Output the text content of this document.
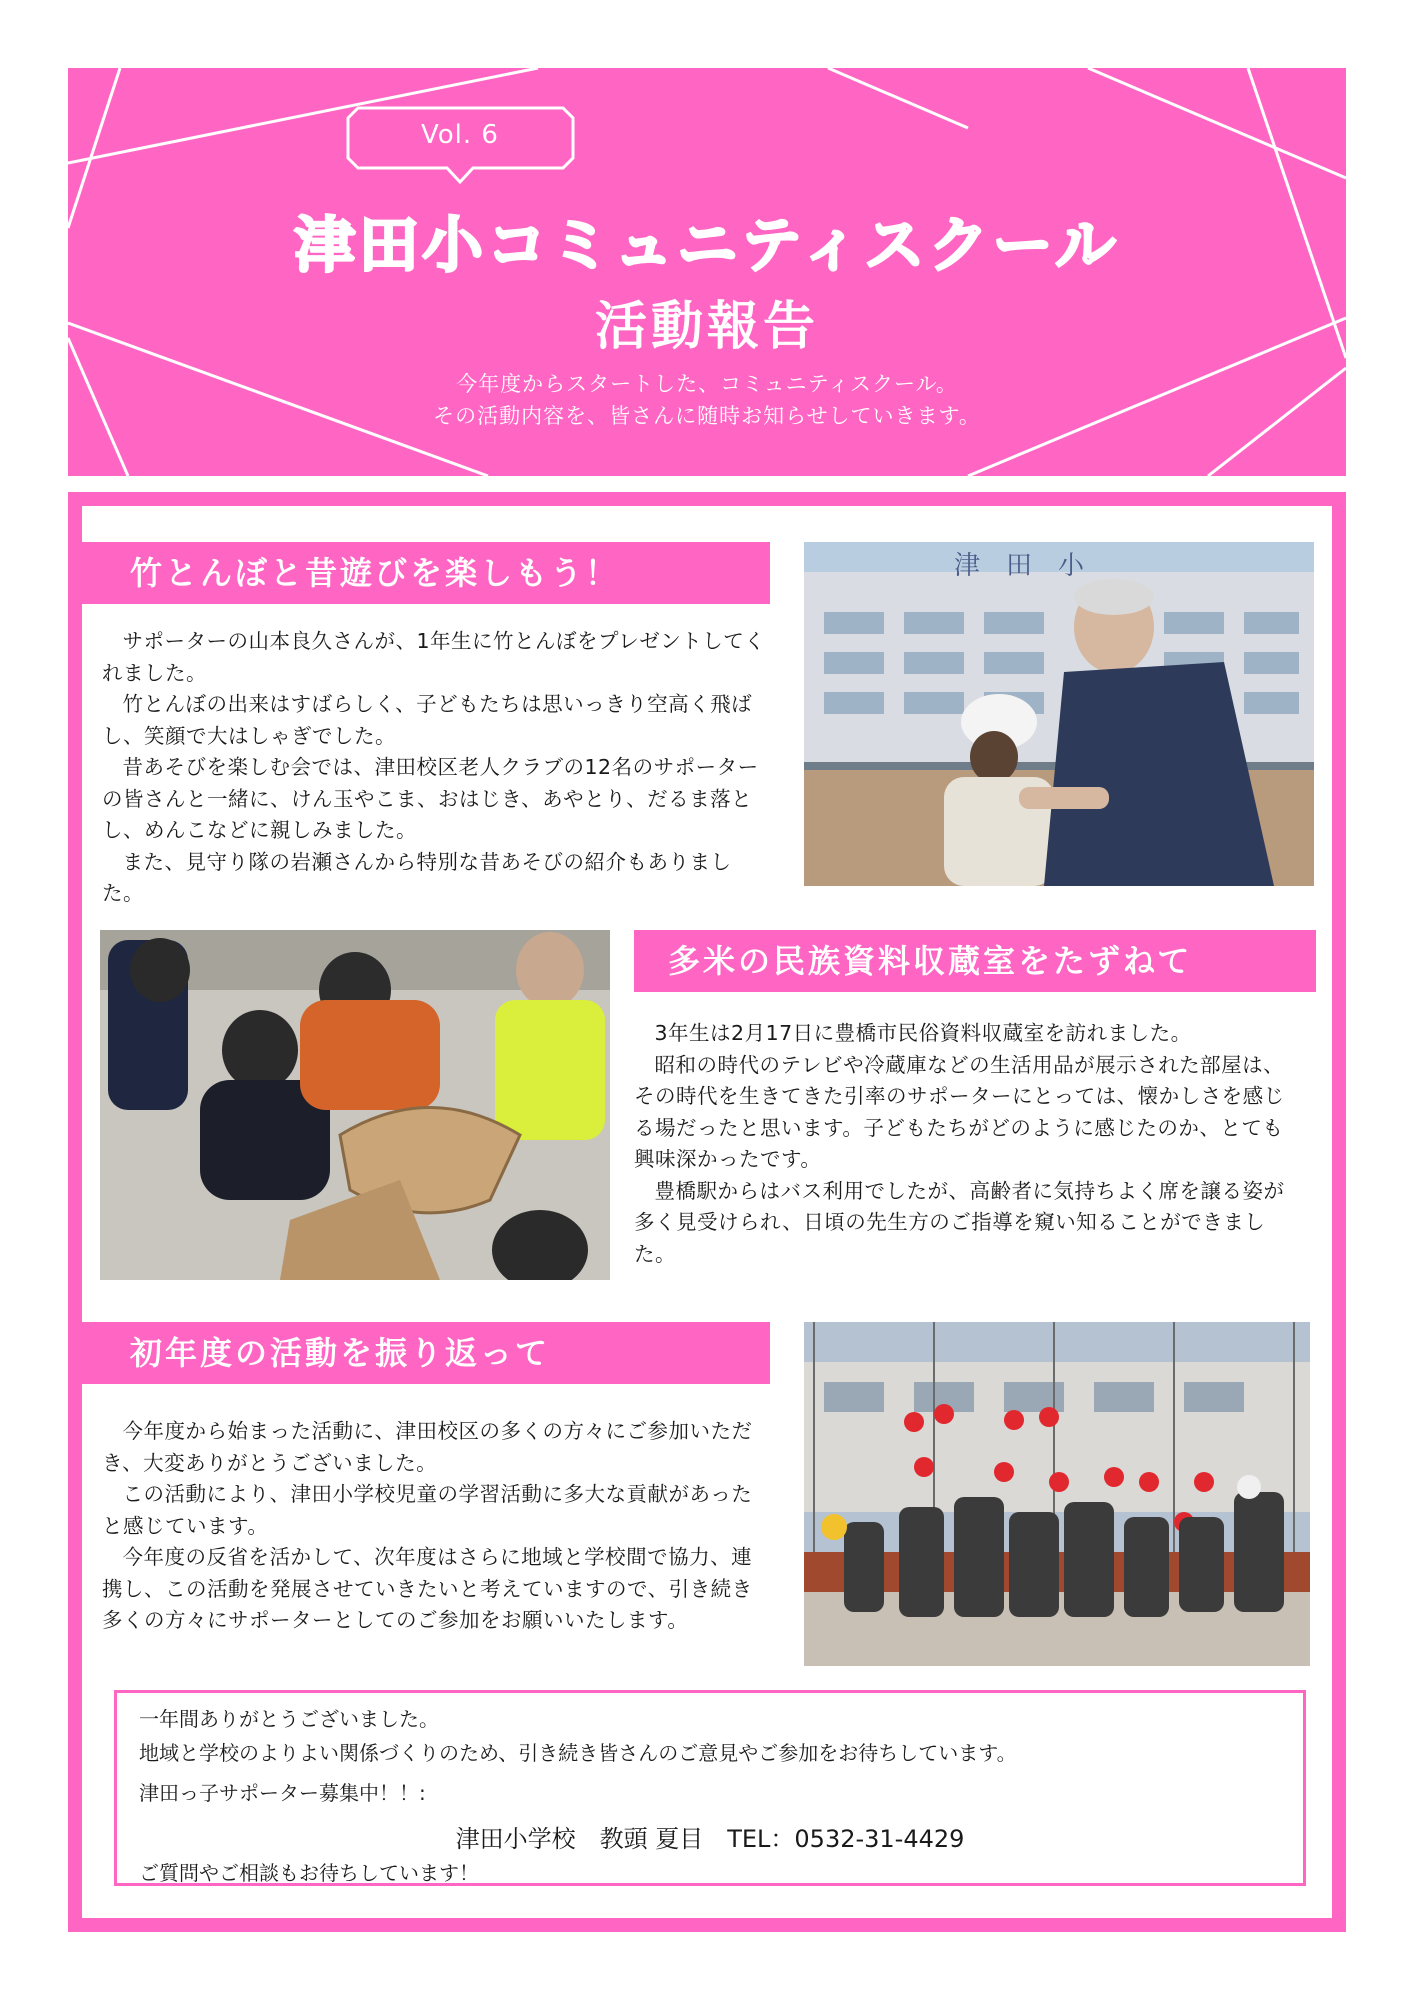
Vol. 6
津田小コミュニティスクール
活動報告
今年度からスタートした、コミュニティスクール。
その活動内容を、皆さんに随時お知らせしていきます。
竹とんぼと昔遊びを楽しもう！

サポーターの山本良久さんが、1年生に竹とんぼをプレゼントしてくれました。

竹とんぼの出来はすばらしく、子どもたちは思いっきり空高く飛ばし、笑顔で大はしゃぎでした。

昔あそびを楽しむ会では、津田校区老人クラブの12名のサポーターの皆さんと一緒に、けん玉やこま、おはじき、あやとり、だるま落とし、めんこなどに親しみました。

また、見守り隊の岩瀬さんから特別な昔あそびの紹介もありました。

津　田　小
多米の民族資料収蔵室をたずねて

3年生は2月17日に豊橋市民俗資料収蔵室を訪れました。

昭和の時代のテレビや冷蔵庫などの生活用品が展示された部屋は、その時代を生きてきた引率のサポーターにとっては、懐かしさを感じる場だったと思います。子どもたちがどのように感じたのか、とても興味深かったです。

豊橋駅からはバス利用でしたが、高齢者に気持ちよく席を譲る姿が多く見受けられ、日頃の先生方のご指導を窺い知ることができました。

初年度の活動を振り返って

今年度から始まった活動に、津田校区の多くの方々にご参加いただき、大変ありがとうございました。

この活動により、津田小学校児童の学習活動に多大な貢献があったと感じています。

今年度の反省を活かして、次年度はさらに地域と学校間で協力、連携し、この活動を発展させていきたいと考えていますので、引き続き多くの方々にサポーターとしてのご参加をお願いいたします。

一年間ありがとうございました。
地域と学校のよりよい関係づくりのため、引き続き皆さんのご意見やご参加をお待ちしています。
津田っ子サポーター募集中！！:
津田小学校　教頭 夏目　TEL：0532-31-4429
ご質問やご相談もお待ちしています！
